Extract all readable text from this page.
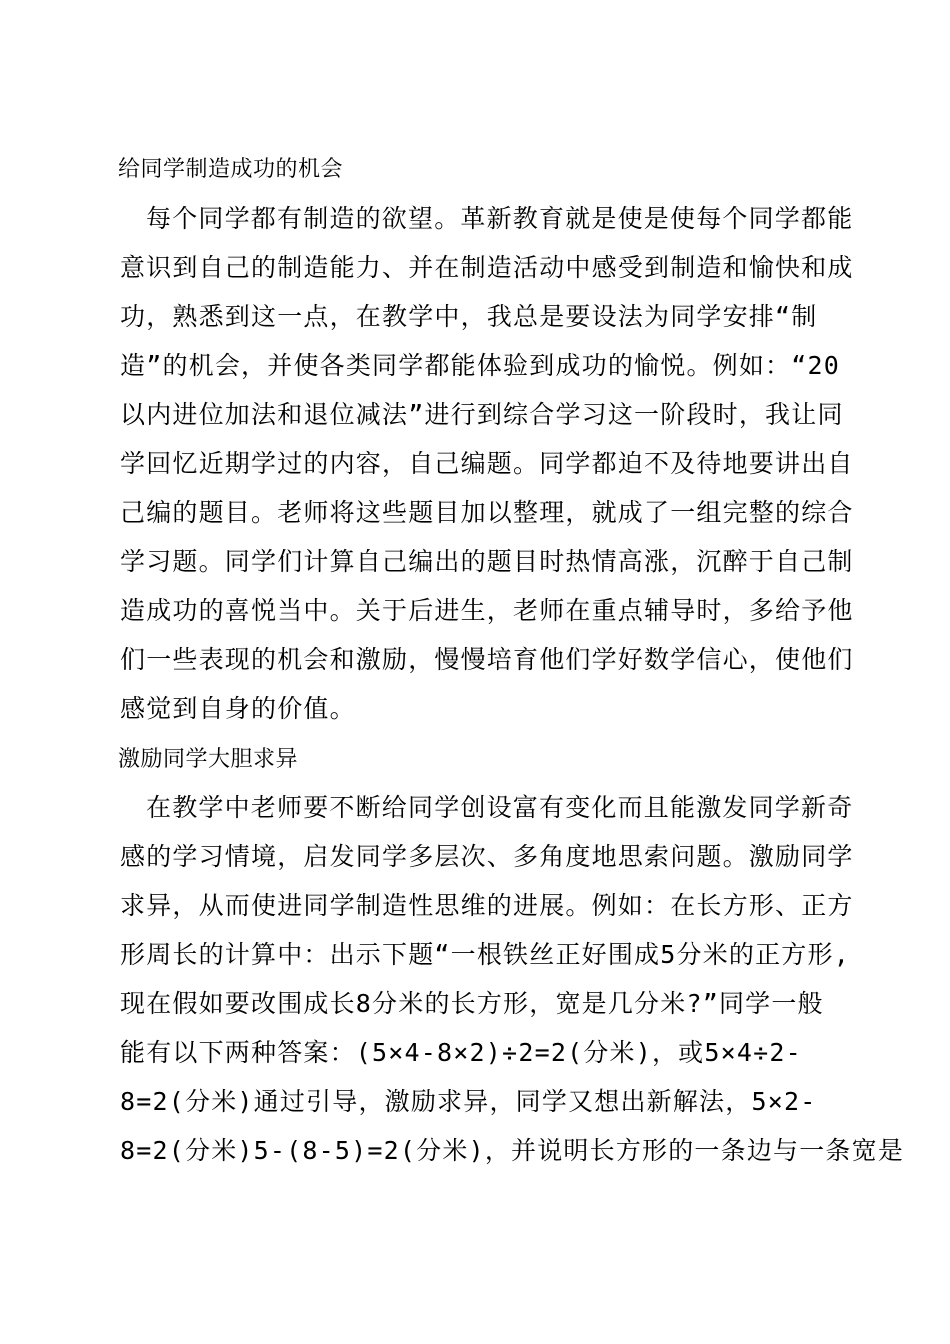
给同学制造成功的机会
每个同学都有制造的欲望。革新教育就是使是使每个同学都能
意识到自己的制造能力、并在制造活动中感受到制造和愉快和成
功，熟悉到这一点，在教学中，我总是要设法为同学安排“制
造”的机会，并使各类同学都能体验到成功的愉悦。例如：“20
以内进位加法和退位减法”进行到综合学习这一阶段时，我让同
学回忆近期学过的内容，自己编题。同学都迫不及待地要讲出自
己编的题目。老师将这些题目加以整理，就成了一组完整的综合
学习题。同学们计算自己编出的题目时热情高涨，沉醉于自己制
造成功的喜悦当中。关于后进生，老师在重点辅导时，多给予他
们一些表现的机会和激励，慢慢培育他们学好数学信心，使他们
感觉到自身的价值。
激励同学大胆求异
在教学中老师要不断给同学创设富有变化而且能激发同学新奇
感的学习情境，启发同学多层次、多角度地思索问题。激励同学
求异，从而使进同学制造性思维的进展。例如：在长方形、正方
形周长的计算中：出示下题“一根铁丝正好围成5分米的正方形,
现在假如要改围成长8分米的长方形，宽是几分米?”同学一般
能有以下两种答案：(5×4-8×2)÷2=2(分米)，或5×4÷2-
8=2(分米)通过引导，激励求异，同学又想出新解法，5×2-
8=2(分米)5-(8-5)=2(分米)，并说明长方形的一条边与一条宽是
